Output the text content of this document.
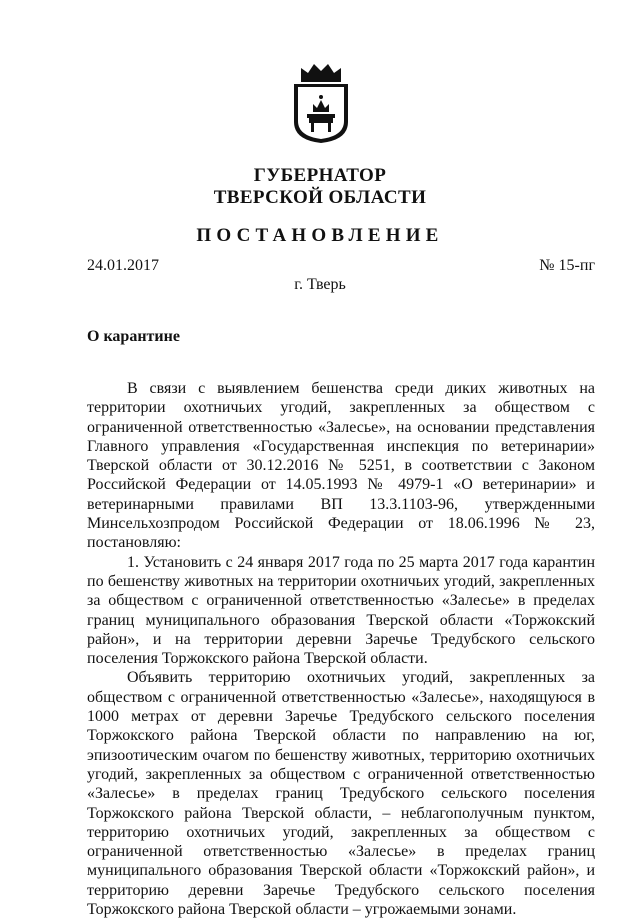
ГУБЕРНАТОР
ТВЕРСКОЙ ОБЛАСТИ
ПОСТАНОВЛЕНИЕ
24.01.2017	№ 15-пг
г. Тверь
О карантине

В связи с выявлением бешенства среди диких животных на территории охотничьих угодий, закрепленных за обществом с ограниченной ответственностью «Залесье», на основании представления Главного управления «Государственная инспекция по ветеринарии» Тверской области от 30.12.2016 № 5251, в соответствии с Законом Российской Федерации от 14.05.1993 № 4979-1 «О ветеринарии» и ветеринарными правилами ВП 13.3.1103-96, утвержденными Минсельхозпродом Российской Федерации от 18.06.1996 № 23, постановляю:

1. Установить с 24 января 2017 года по 25 марта 2017 года карантин по бешенству животных на территории охотничьих угодий, закрепленных за обществом с ограниченной ответственностью «Залесье» в пределах границ муниципального образования Тверской области «Торжокский район», и на территории деревни Заречье Тредубского сельского поселения Торжокского района Тверской области.

Объявить территорию охотничьих угодий, закрепленных за обществом с ограниченной ответственностью «Залесье», находящуюся в 1000 метрах от деревни Заречье Тредубского сельского поселения Торжокского района Тверской области по направлению на юг, эпизоотическим очагом по бешенству животных, территорию охотничьих угодий, закрепленных за обществом с ограниченной ответственностью «Залесье» в пределах границ Тредубского сельского поселения Торжокского района Тверской области, – неблагополучным пунктом, территорию охотничьих угодий, закрепленных за обществом с ограниченной ответственностью «Залесье» в пределах границ муниципального образования Тверской области «Торжокский район», и территорию деревни Заречье Тредубского сельского поселения Торжокского района Тверской области – угрожаемыми зонами.
